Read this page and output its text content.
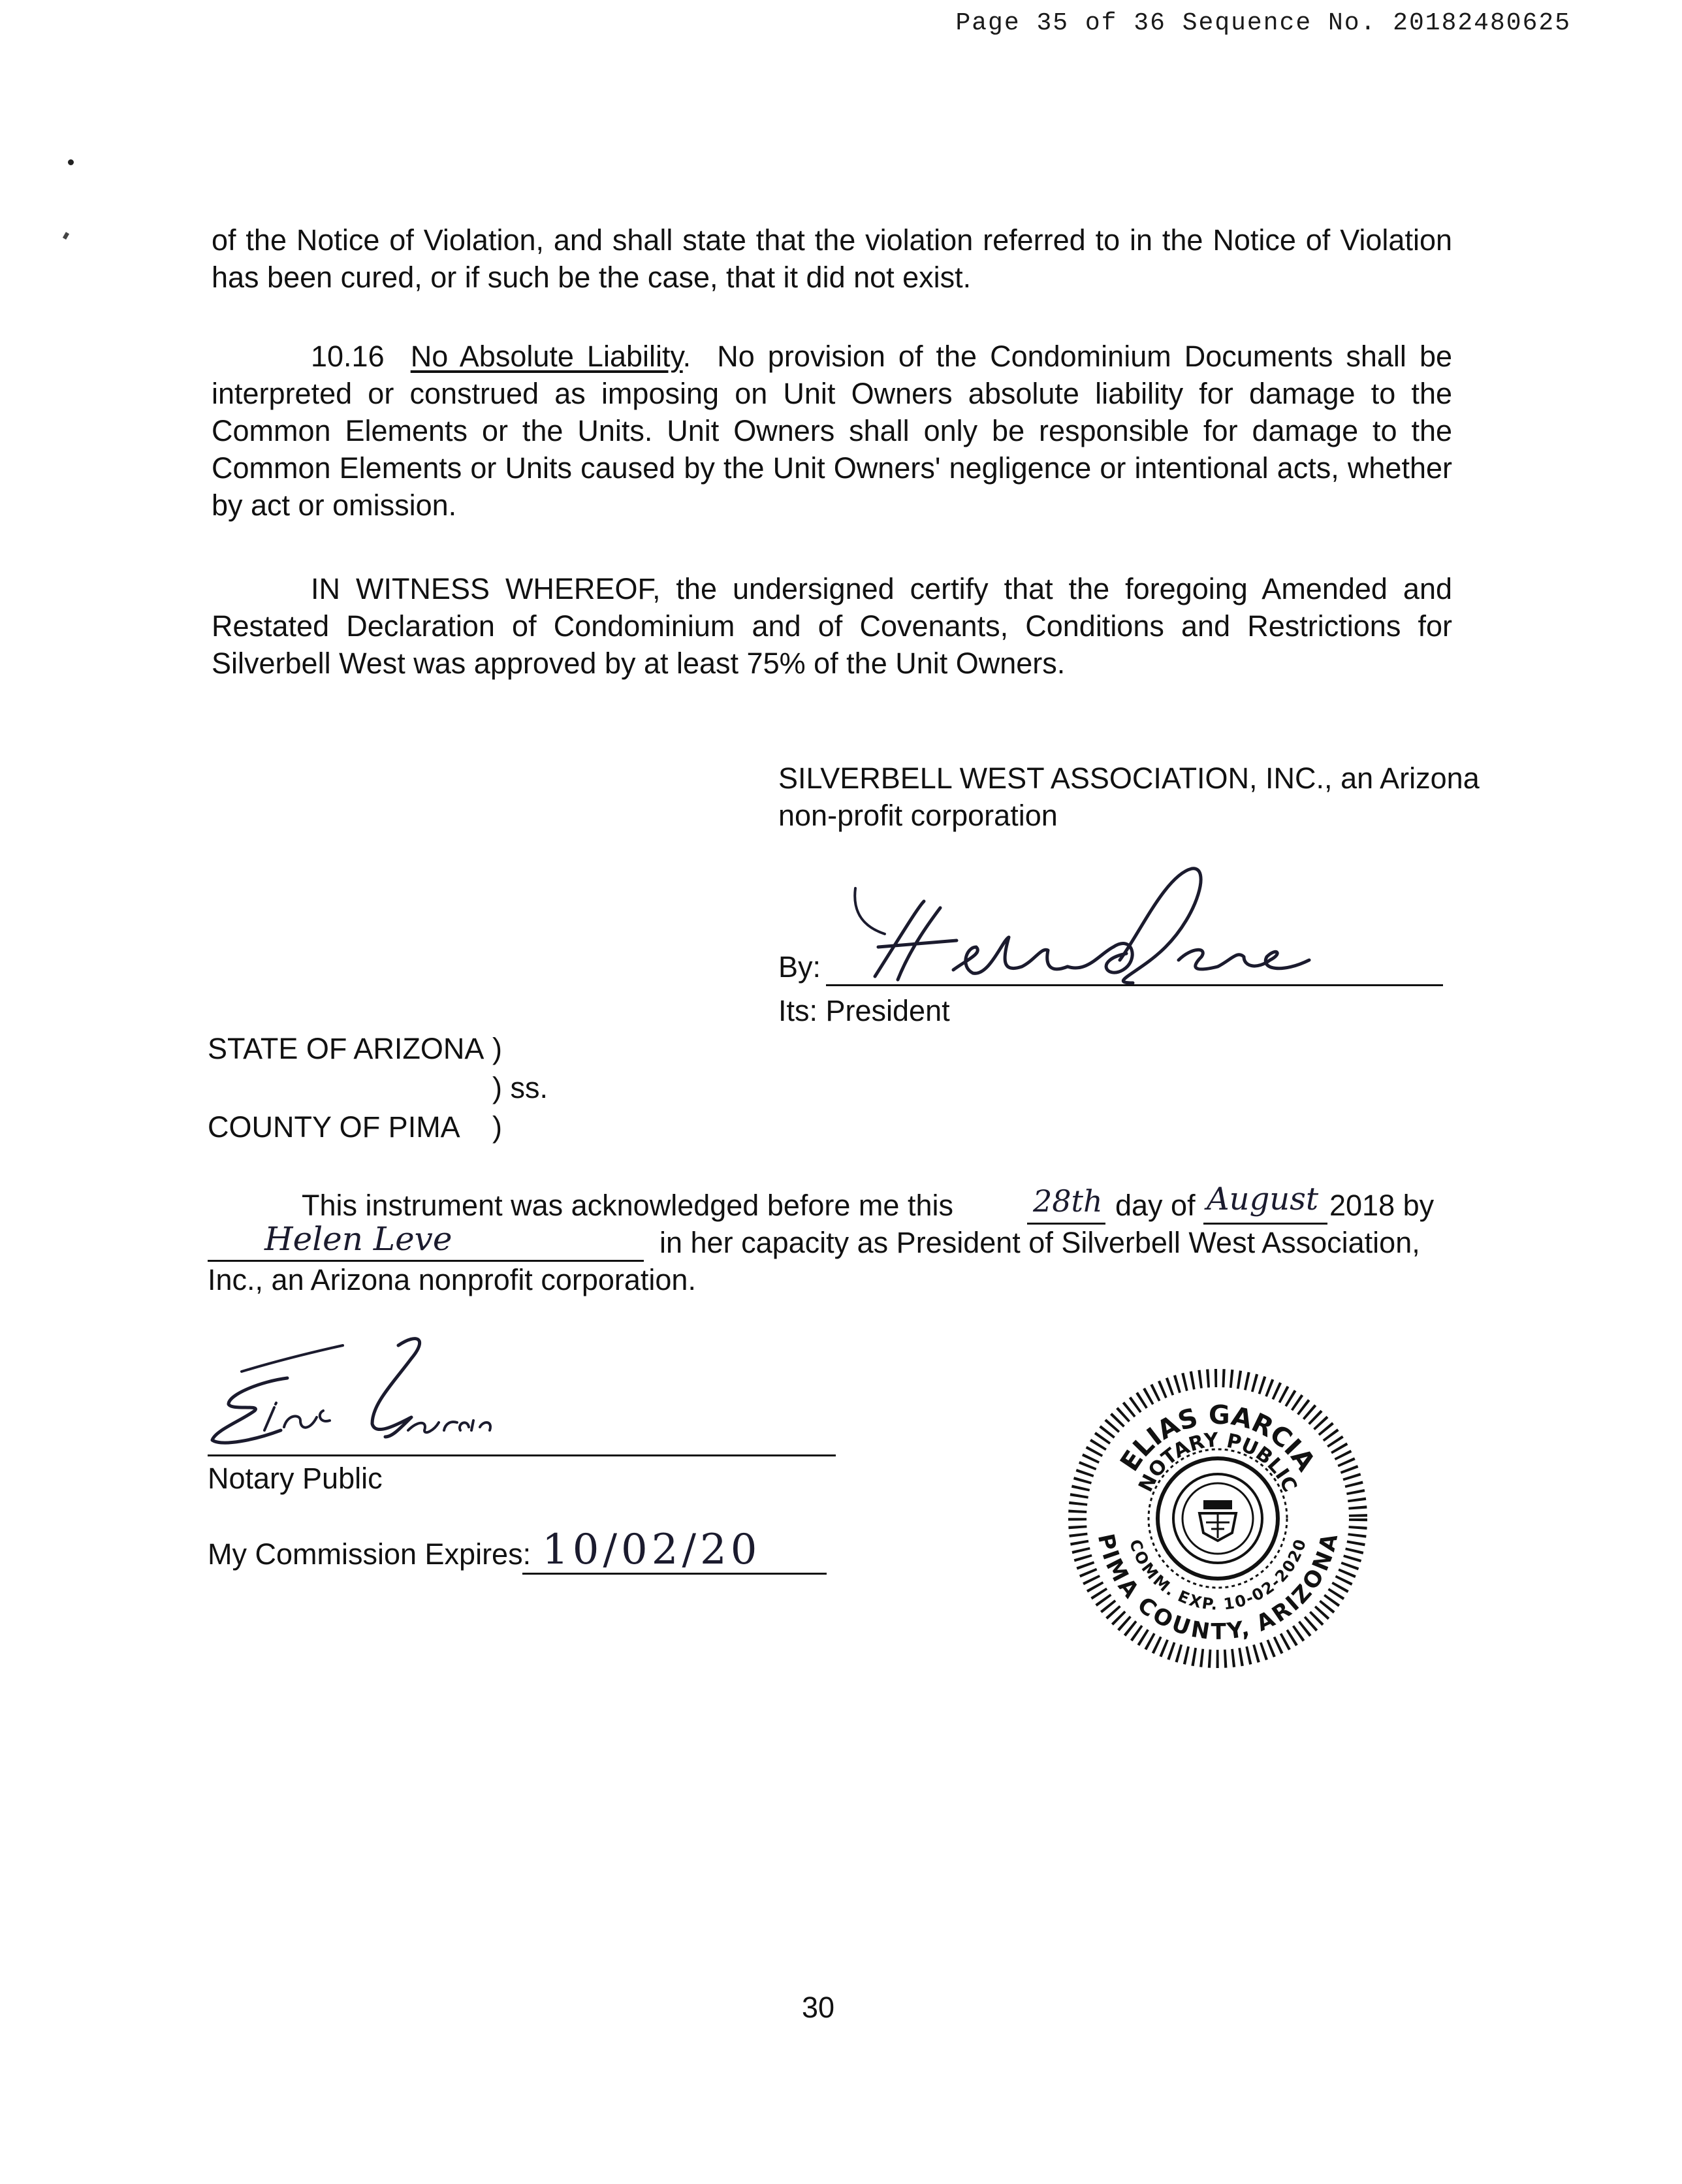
Page 35 of 36 Sequence No. 20182480625
of the Notice of Violation, and shall state that the violation referred to in the Notice of Violation has been cured, or if such be the case, that it did not exist.
10.16 No Absolute Liability.  No provision of the Condominium Documents shall be interpreted or construed as imposing on Unit Owners absolute liability for damage to the Common Elements or the Units. Unit Owners shall only be responsible for damage to the Common Elements or Units caused by the Unit Owners' negligence or intentional acts, whether by act or omission.
IN WITNESS WHEREOF, the undersigned certify that the foregoing Amended and Restated Declaration of Condominium and of Covenants, Conditions and Restrictions for Silverbell West was approved by at least 75% of the Unit Owners.
SILVERBELL WEST ASSOCIATION, INC., an Arizona
non-profit corporation
By:
Its: President
STATE OF ARIZONA )
) ss.
COUNTY OF PIMA )
This instrument was acknowledged before me this	28th day of August 2018 by
Helen Leve	in her capacity as President of Silverbell West Association,
Inc., an Arizona nonprofit corporation.
Notary Public
My Commission Expires: 10/02/20
ELIAS GARCIA
NOTARY PUBLIC
PIMA COUNTY, ARIZONA
COMM. EXP. 10-02-2020
30
